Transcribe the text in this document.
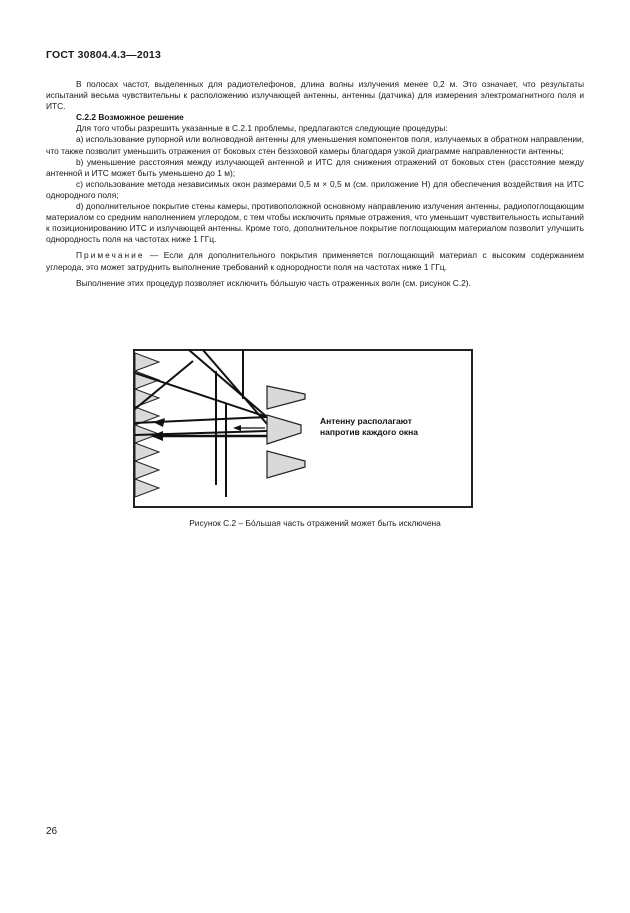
ГОСТ 30804.4.3—2013

В полосах частот, выделенных для радиотелефонов, длина волны излучения менее 0,2 м. Это означает, что результаты испытаний весьма чувствительны к расположению излучающей антенны, антенны (датчика) для измерения электромагнитного поля и ИТС.

С.2.2 Возможное решение

Для того чтобы разрешить указанные в С.2.1 проблемы, предлагаются следующие процедуры:

а) использование рупорной или волноводной антенны для уменьшения компонентов поля, излучаемых в обратном направлении, что также позволит уменьшить отражения от боковых стен безэховой камеры благодаря узкой диаграмме направленности антенны;

b) уменьшение расстояния между излучающей антенной и ИТС для снижения отражений от боковых стен (расстояние между антенной и ИТС может быть уменьшено до 1 м);

c) использование метода независимых окон размерами 0,5 м × 0,5 м (см. приложение Н) для обеспечения воздействия на ИТС однородного поля;

d) дополнительное покрытие стены камеры, противоположной основному направлению излучения антенны, радиопоглощающим материалом со средним наполнением углеродом, с тем чтобы исключить прямые отражения, что уменьшит чувствительность испытаний к позиционированию ИТС и излучающей антенны. Кроме того, дополнительное покрытие поглощающим материалом позволит улучшить однородность поля на частотах ниже 1 ГГц.

Примечание — Если для дополнительного покрытия применяется поглощающий материал с высоким содержанием углерода, это может затруднить выполнение требований к однородности поля на частотах ниже 1 ГГц.

Выполнение этих процедур позволяет исключить бо́льшую часть отраженных волн (см. рисунок С.2).

Антенну располагают
напротив каждого окна
Рисунок С.2 – Бо́льшая часть отражений может быть исключена
26
